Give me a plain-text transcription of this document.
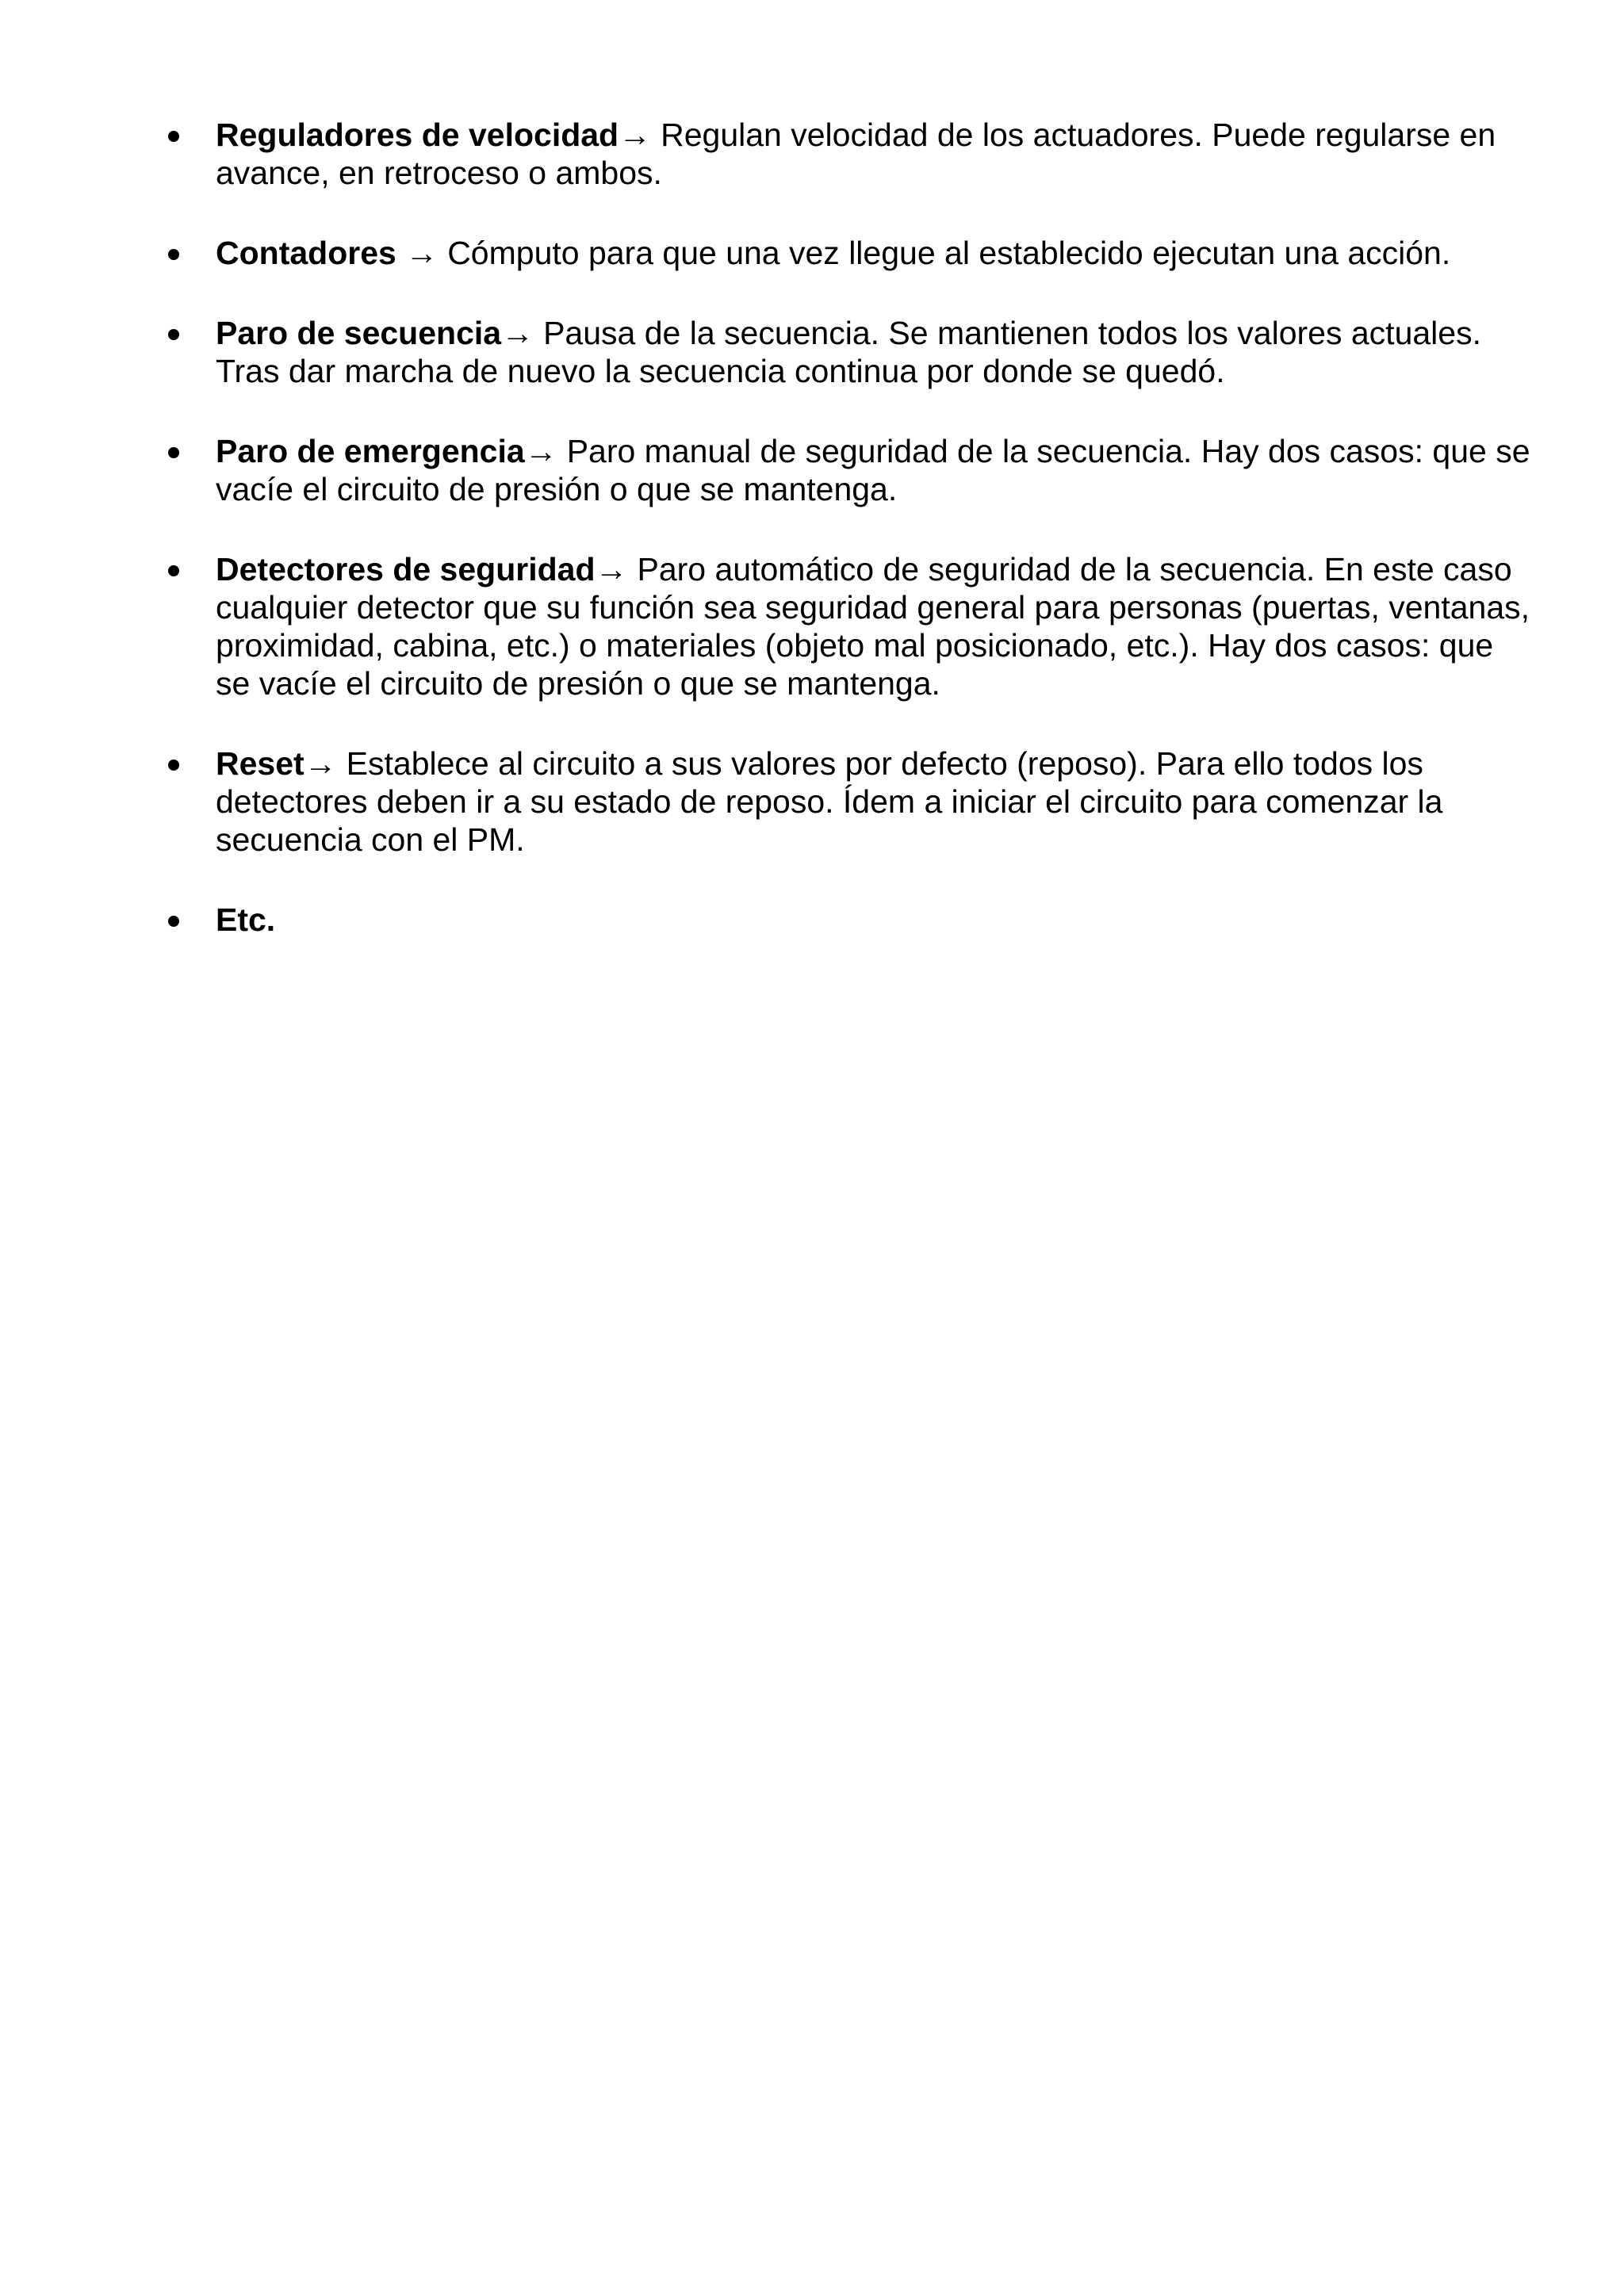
Reguladores de velocidad→ Regulan velocidad de los actuadores. Puede regularse en avance, en retroceso o ambos.
Contadores → Cómputo para que una vez llegue al establecido ejecutan una acción.
Paro de secuencia→ Pausa de la secuencia. Se mantienen todos los valores actuales. Tras dar marcha de nuevo la secuencia continua por donde se quedó.
Paro de emergencia→ Paro manual de seguridad de la secuencia. Hay dos casos: que se vacíe el circuito de presión o que se mantenga.
Detectores de seguridad→ Paro automático de seguridad de la secuencia. En este caso cualquier detector que su función sea seguridad general para personas (puertas, ventanas, proximidad, cabina, etc.) o materiales (objeto mal posicionado, etc.). Hay dos casos: que se vacíe el circuito de presión o que se mantenga.
Reset→ Establece al circuito a sus valores por defecto (reposo). Para ello todos los detectores deben ir a su estado de reposo. Ídem a iniciar el circuito para comenzar la secuencia con el PM.
Etc.
